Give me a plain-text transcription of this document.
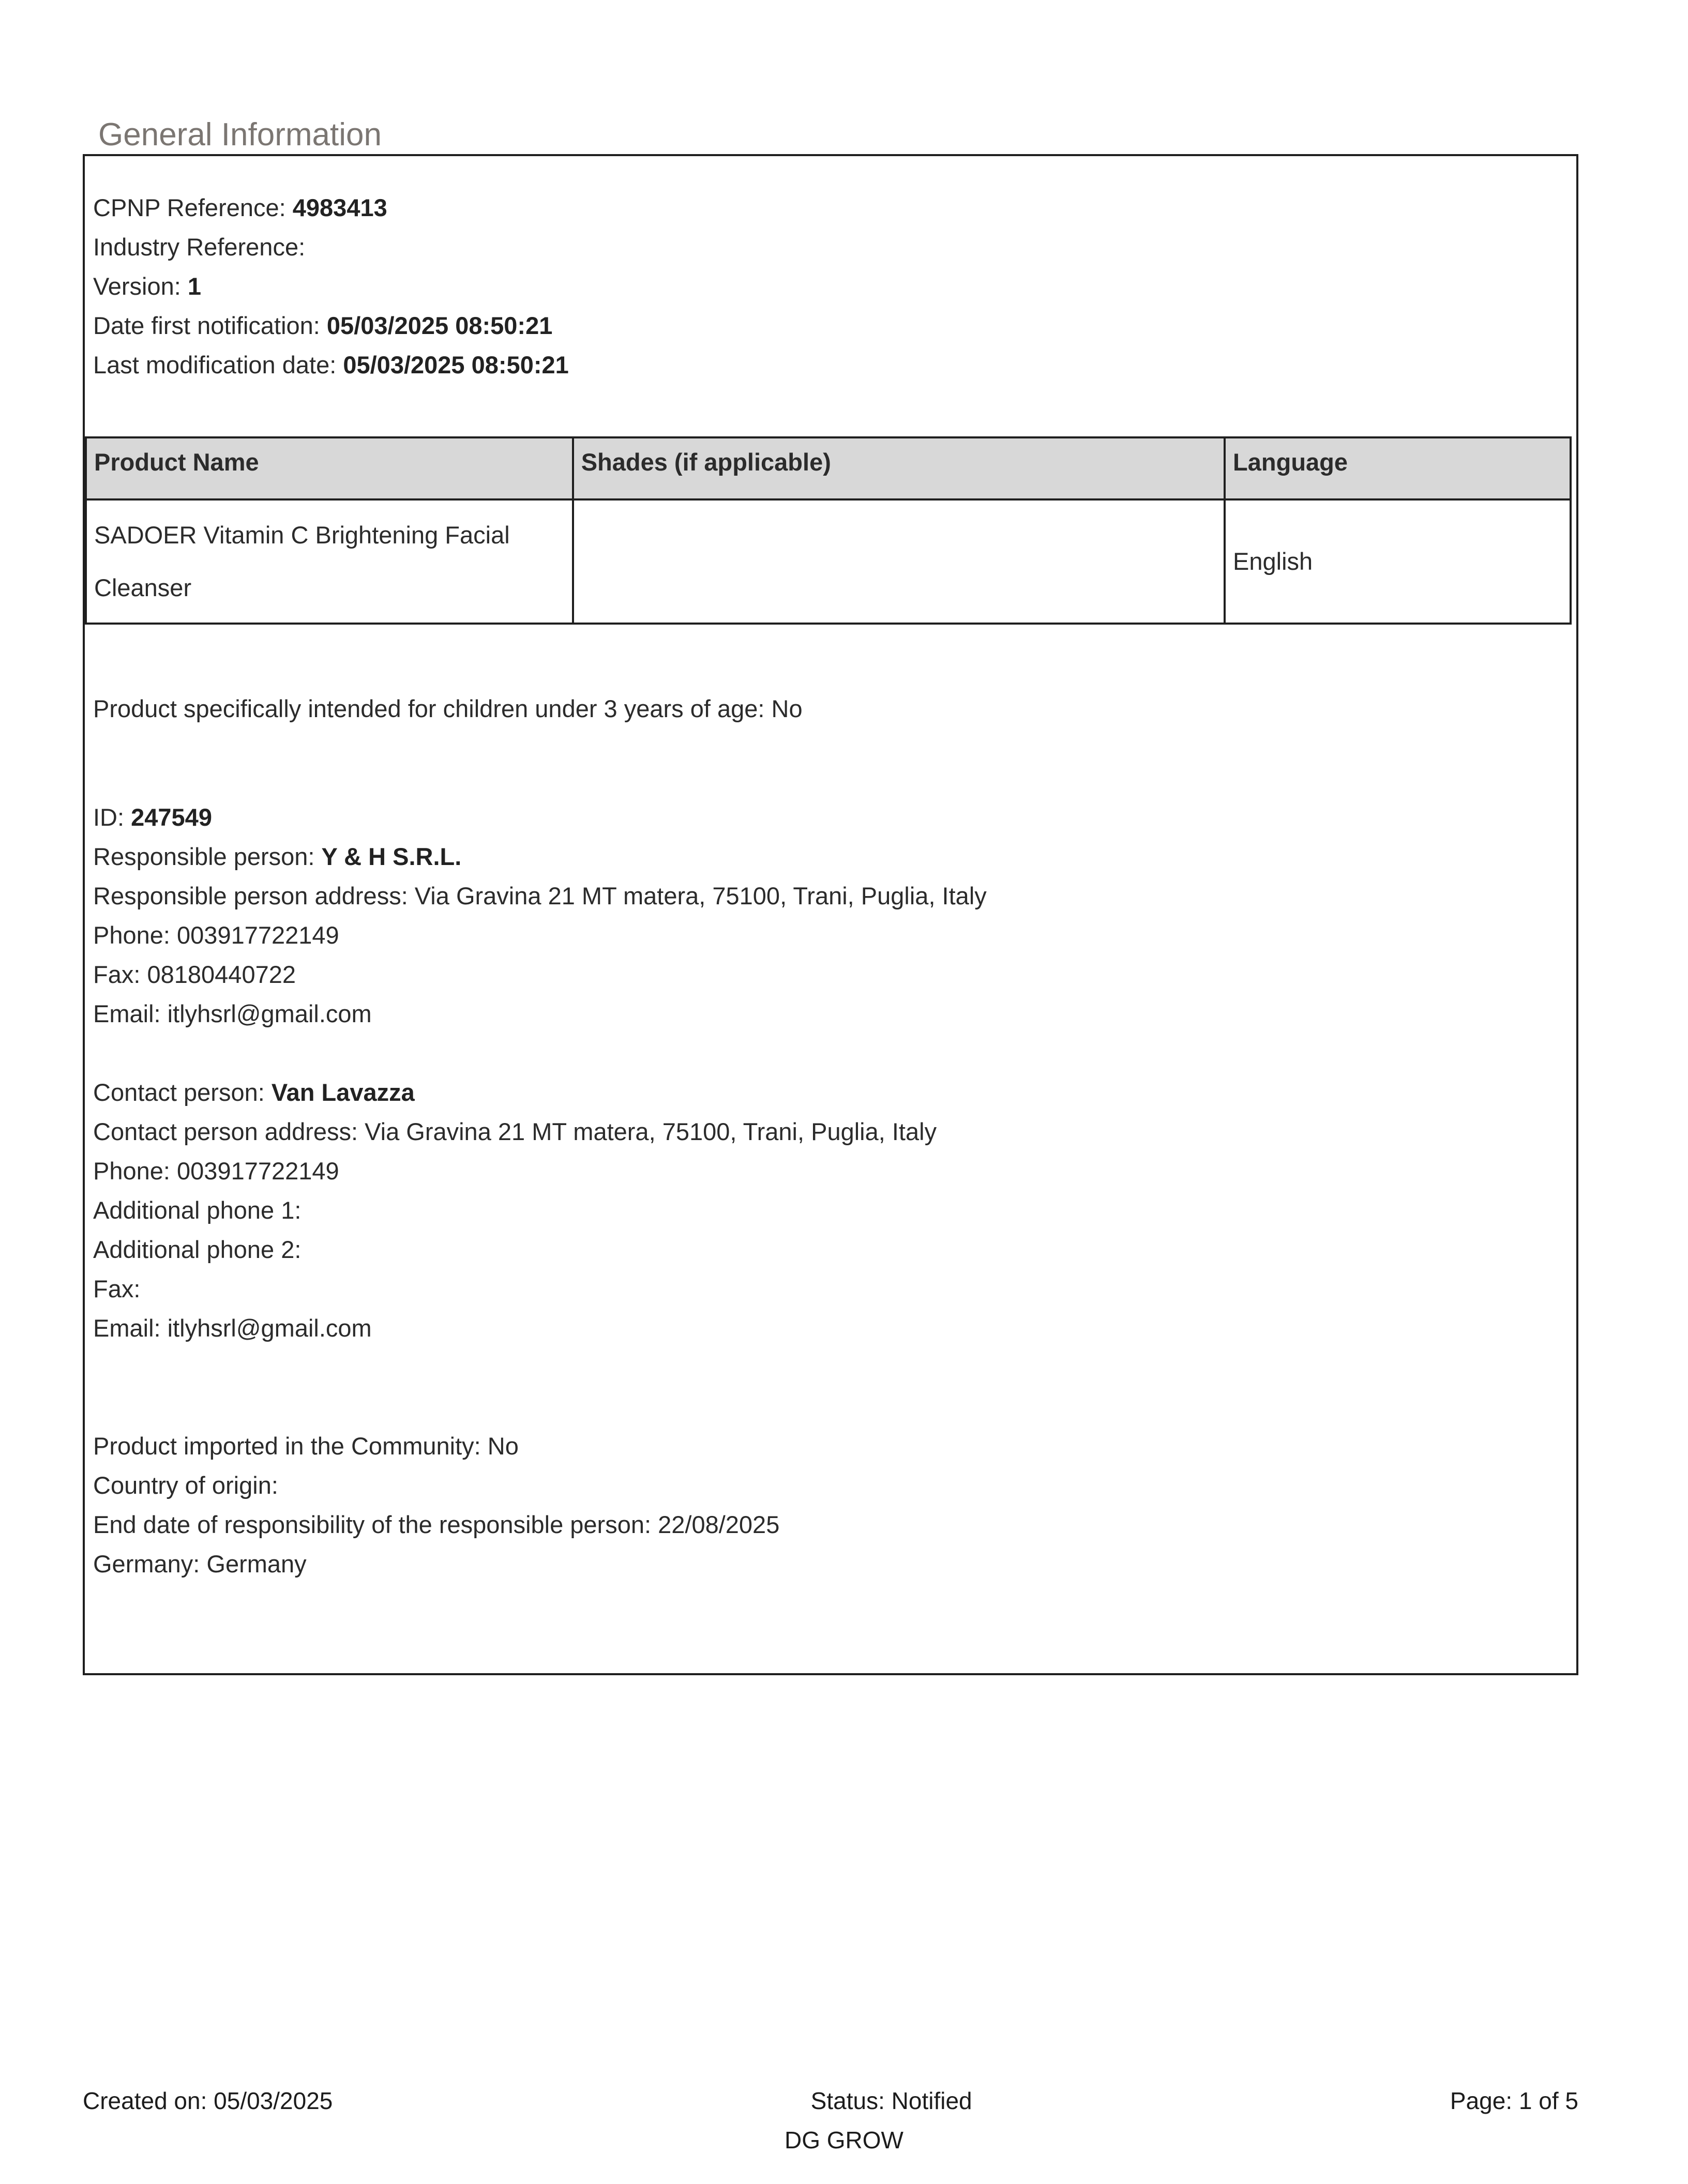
General Information

CPNP Reference: 4983413

Industry Reference:

Version: 1

Date first notification: 05/03/2025 08:50:21

Last modification date: 05/03/2025 08:50:21

Product Name	Shades (if applicable)	Language
SADOER Vitamin C Brightening Facial Cleanser		English

Product specifically intended for children under 3 years of age: No

ID: 247549

Responsible person: Y & H S.R.L.

Responsible person address: Via Gravina 21 MT matera, 75100, Trani, Puglia, Italy

Phone: 003917722149

Fax: 08180440722

Email: itlyhsrl@gmail.com

Contact person: Van Lavazza

Contact person address: Via Gravina 21 MT matera, 75100, Trani, Puglia, Italy

Phone: 003917722149

Additional phone 1:

Additional phone 2:

Fax:

Email: itlyhsrl@gmail.com

Product imported in the Community: No

Country of origin:

End date of responsibility of the responsible person: 22/08/2025

Germany: Germany

Created on: 05/03/2025	Status: Notified	Page: 1 of 5
DG GROW
